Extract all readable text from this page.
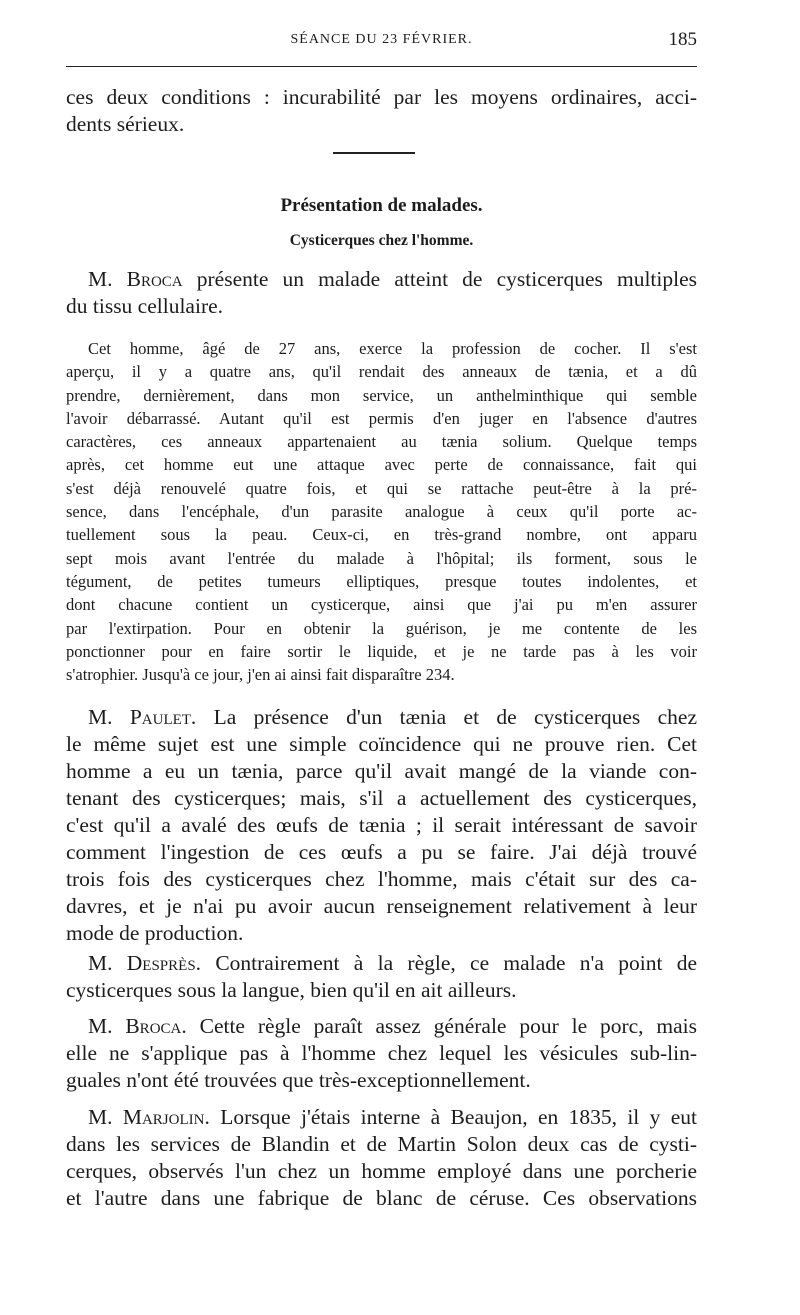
SÉANCE DU 23 FÉVRIER.	185
ces deux conditions : incurabilité par les moyens ordinaires, acci-
dents sérieux.
Présentation de malades.
Cysticerques chez l'homme.
M. Broca présente un malade atteint de cysticerques multiples
du tissu cellulaire.
Cet homme, âgé de 27 ans, exerce la profession de cocher. Il s'est
aperçu, il y a quatre ans, qu'il rendait des anneaux de tænia, et a dû
prendre, dernièrement, dans mon service, un anthelminthique qui semble
l'avoir débarrassé. Autant qu'il est permis d'en juger en l'absence d'autres
caractères, ces anneaux appartenaient au tænia solium. Quelque temps
après, cet homme eut une attaque avec perte de connaissance, fait qui
s'est déjà renouvelé quatre fois, et qui se rattache peut-être à la pré-
sence, dans l'encéphale, d'un parasite analogue à ceux qu'il porte ac-
tuellement sous la peau. Ceux-ci, en très-grand nombre, ont apparu
sept mois avant l'entrée du malade à l'hôpital; ils forment, sous le
tégument, de petites tumeurs elliptiques, presque toutes indolentes, et
dont chacune contient un cysticerque, ainsi que j'ai pu m'en assurer
par l'extirpation. Pour en obtenir la guérison, je me contente de les
ponctionner pour en faire sortir le liquide, et je ne tarde pas à les voir
s'atrophier. Jusqu'à ce jour, j'en ai ainsi fait disparaître 234.
M. Paulet. La présence d'un tænia et de cysticerques chez
le même sujet est une simple coïncidence qui ne prouve rien. Cet
homme a eu un tænia, parce qu'il avait mangé de la viande con-
tenant des cysticerques; mais, s'il a actuellement des cysticerques,
c'est qu'il a avalé des œufs de tænia ; il serait intéressant de savoir
comment l'ingestion de ces œufs a pu se faire. J'ai déjà trouvé
trois fois des cysticerques chez l'homme, mais c'était sur des ca-
davres, et je n'ai pu avoir aucun renseignement relativement à leur
mode de production.
M. Desprès. Contrairement à la règle, ce malade n'a point de
cysticerques sous la langue, bien qu'il en ait ailleurs.
M. Broca. Cette règle paraît assez générale pour le porc, mais
elle ne s'applique pas à l'homme chez lequel les vésicules sub-lin-
guales n'ont été trouvées que très-exceptionnellement.
M. Marjolin. Lorsque j'étais interne à Beaujon, en 1835, il y eut
dans les services de Blandin et de Martin Solon deux cas de cysti-
cerques, observés l'un chez un homme employé dans une porcherie
et l'autre dans une fabrique de blanc de céruse. Ces observations
